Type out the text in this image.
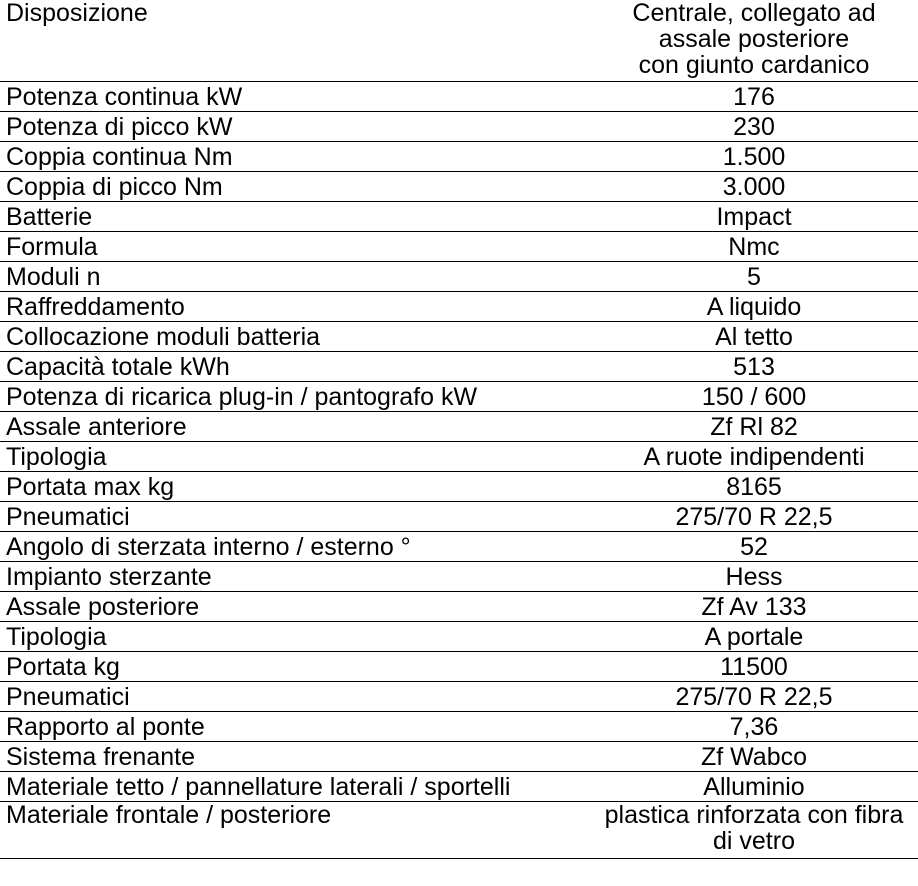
Disposizione	Centrale, collegato ad
assale posteriore
con giunto cardanico
Potenza continua kW	176
Potenza di picco kW	230
Coppia continua Nm	1.500
Coppia di picco Nm	3.000
Batterie	Impact
Formula	Nmc
Moduli n	5
Raffreddamento	A liquido
Collocazione moduli batteria	Al tetto
Capacità totale kWh	513
Potenza di ricarica plug-in / pantografo kW	150 / 600
Assale anteriore	Zf Rl 82
Tipologia	A ruote indipendenti
Portata max kg	8165
Pneumatici	275/70 R 22,5
Angolo di sterzata interno / esterno °	52
Impianto sterzante	Hess
Assale posteriore	Zf Av 133
Tipologia	A portale
Portata kg	11500
Pneumatici	275/70 R 22,5
Rapporto al ponte	7,36
Sistema frenante	Zf Wabco
Materiale tetto / pannellature laterali / sportelli	Alluminio
Materiale frontale / posteriore	plastica rinforzata con fibra
di vetro
